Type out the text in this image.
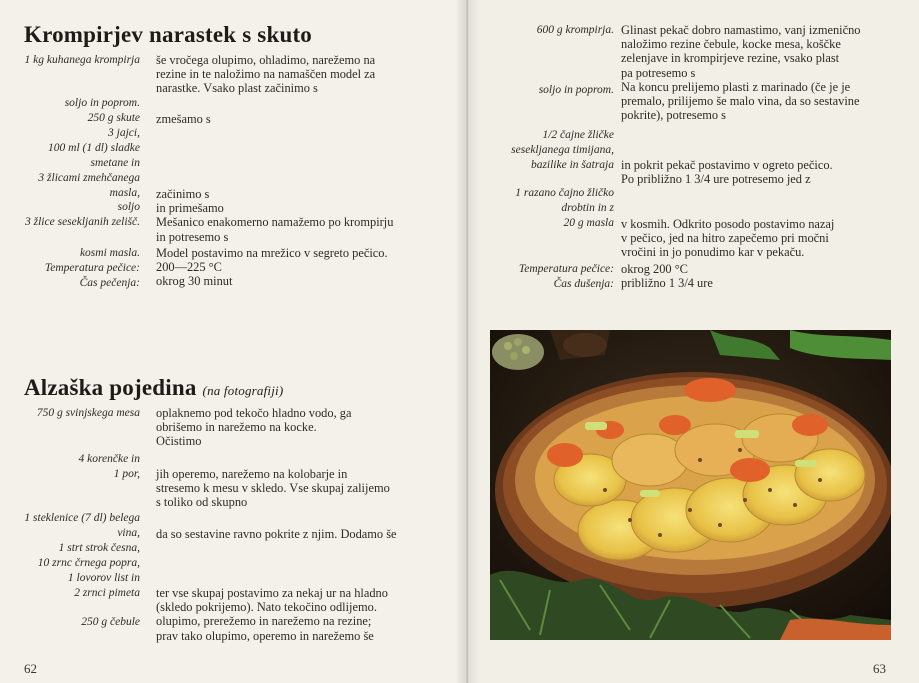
Krompirjev narastek s skuto
1 kg kuhanega krompirja še vročega olupimo, ohladimo, narežemo na
rezine in te naložimo na namaščen model za
narastke. Vsako plast začinimo s
soljo in poprom.
250 g skute
3 jajci,
100 ml (1 dl) sladke
smetane in
3 žlicami zmehčanega
masla,
zmešamo s
soljo
3 žlice sesekljanih zelišč.
začinimo s
in primešamo
Mešanico enakomerno namažemo po krompirju
in potresemo s
kosmi masla.
Temperatura pečice:
Čas pečenja:
Model postavimo na mrežico v segreto pečico.
200—225 °C
okrog 30 minut
Alzaška pojedina (na fotografiji)
750 g svinjskega mesa oplaknemo pod tekočo hladno vodo, ga
obrišemo in narežemo na kocke.
Očistimo
4 korenčke in
1 por, jih operemo, narežemo na kolobarje in
stresemo k mesu v skledo. Vse skupaj zalijemo
s toliko od skupno
1 steklenice (7 dl) belega
vina,
1 strt strok česna,
10 zrnc črnega popra,
1 lovorov list in
2 zrnci pimeta
da so sestavine ravno pokrite z njim. Dodamo še
250 g čebule
ter vse skupaj postavimo za nekaj ur na hladno
(skledo pokrijemo). Nato tekočino odlijemo.
olupimo, prerežemo in narežemo na rezine;
prav tako olupimo, operemo in narežemo še
62
600 g krompirja. Glinast pekač dobro namastimo, vanj izmenično
naložimo rezine čebule, kocke mesa, koščke
zelenjave in krompirjeve rezine, vsako plast
pa potresemo s
Na koncu prelijemo plasti z marinado (če je je
premalo, prilijemo še malo vina, da so sestavine
pokrite), potresemo s
soljo in poprom.
1/2 čajne žličke
sesekljanega timijana,
bazilike in šatraja in pokrit pekač postavimo v ogreto pečico.
Po približno 1 3/4 ure potresemo jed z
1 razano čajno žličko
drobtin in z
20 g masla v kosmih. Odkrito posodo postavimo nazaj
v pečico, jed na hitro zapečemo pri močni
vročini in jo ponudimo kar v pekaču.
Temperatura pečice:
Čas dušenja:
okrog 200 °C
približno 1 3/4 ure
63
